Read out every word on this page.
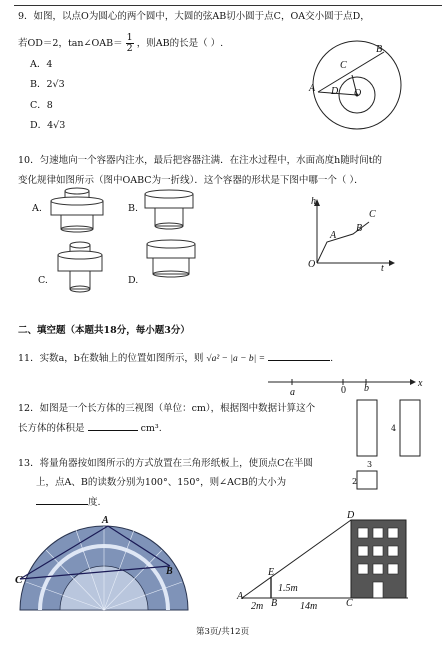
9．如图，以点O为圆心的两个圆中，大圆的弦AB切小圆于点C，OA交小圆于点D，
若OD＝2，tan∠OAB＝ $\frac{1}{2}$ ，则AB的长是（ ）.
A．4
B．2√3
C．8
D．4√3
A
B
C
D O
10．匀速地向一个容器内注水，最后把容器注满．在注水过程中，水面高度h随时间t的
变化规律如图所示（图中OABC为一折线）．这个容器的形状是下图中哪一个（ ）．
A.	B.
C.	D.
h
t
O
A
B
C
二、填空题（本题共18分，每小题3分）
11．实数a，b在数轴上的位置如图所示，则 √a² − |a − b| =	.
a	0 b	x
12．如图是一个长方体的三视图（单位：cm），根据图中数据计算这个
长方体的体积是	cm³.	4
3
2
13．将量角器按如图所示的方式放置在三角形纸板上，使顶点C在半圆
上，点A、B的读数分别为100°、150°，则∠ACB的大小为
度.
A
B
C
D
E
A
B	C
1.5m
2m	14m
第3页/共12页
